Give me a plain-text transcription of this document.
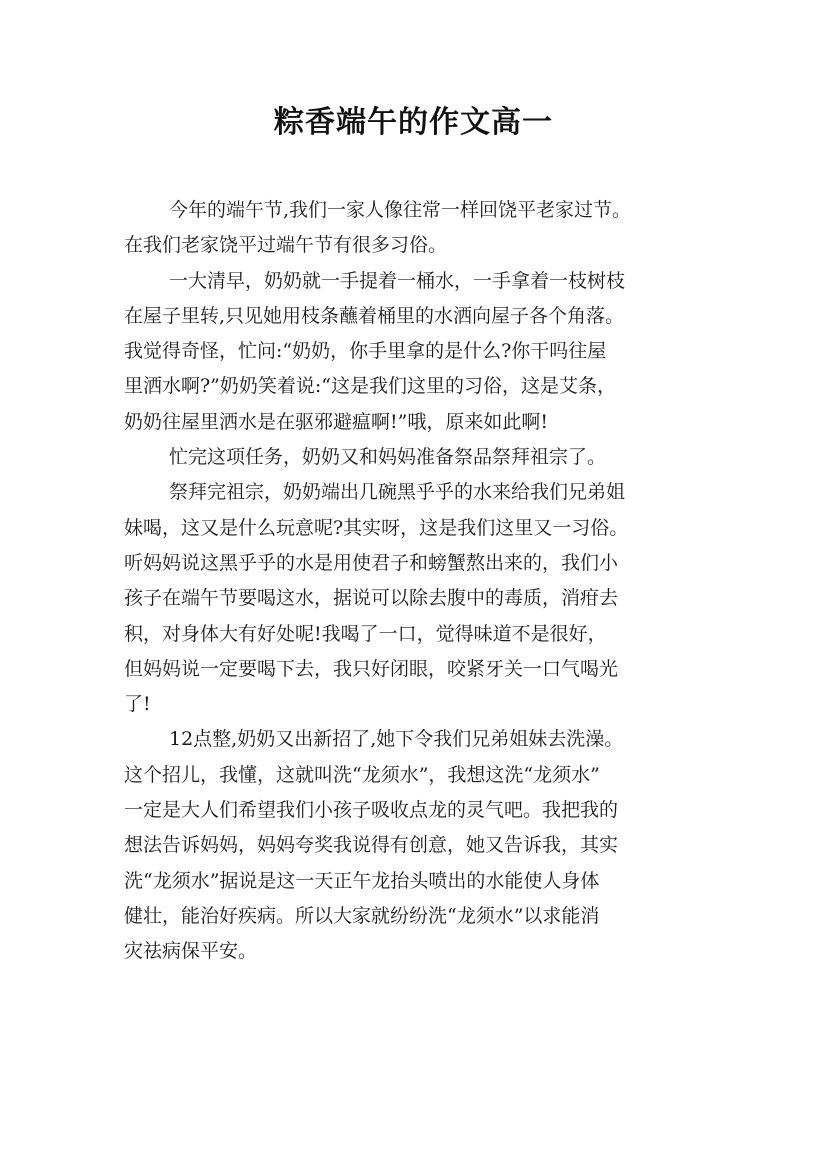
粽香端午的作文高一
今年的端午节,我们一家人像往常一样回饶平老家过节。
在我们老家饶平过端午节有很多习俗。
一大清早，奶奶就一手提着一桶水，一手拿着一枝树枝
在屋子里转,只见她用枝条蘸着桶里的水洒向屋子各个角落。
我觉得奇怪，忙问:“奶奶，你手里拿的是什么?你干吗往屋
里洒水啊?”奶奶笑着说:“这是我们这里的习俗，这是艾条，
奶奶往屋里洒水是在驱邪避瘟啊!”哦，原来如此啊!
忙完这项任务，奶奶又和妈妈准备祭品祭拜祖宗了。
祭拜完祖宗，奶奶端出几碗黑乎乎的水来给我们兄弟姐
妹喝，这又是什么玩意呢?其实呀，这是我们这里又一习俗。
听妈妈说这黑乎乎的水是用使君子和螃蟹熬出来的，我们小
孩子在端午节要喝这水，据说可以除去腹中的毒质，消疳去
积，对身体大有好处呢!我喝了一口，觉得味道不是很好，
但妈妈说一定要喝下去，我只好闭眼，咬紧牙关一口气喝光
了!
12点整,奶奶又出新招了,她下令我们兄弟姐妹去洗澡。
这个招儿，我懂，这就叫洗“龙须水”，我想这洗“龙须水”
一定是大人们希望我们小孩子吸收点龙的灵气吧。我把我的
想法告诉妈妈，妈妈夸奖我说得有创意，她又告诉我，其实
洗“龙须水”据说是这一天正午龙抬头喷出的水能使人身体
健壮，能治好疾病。所以大家就纷纷洗“龙须水”以求能消
灾祛病保平安。
